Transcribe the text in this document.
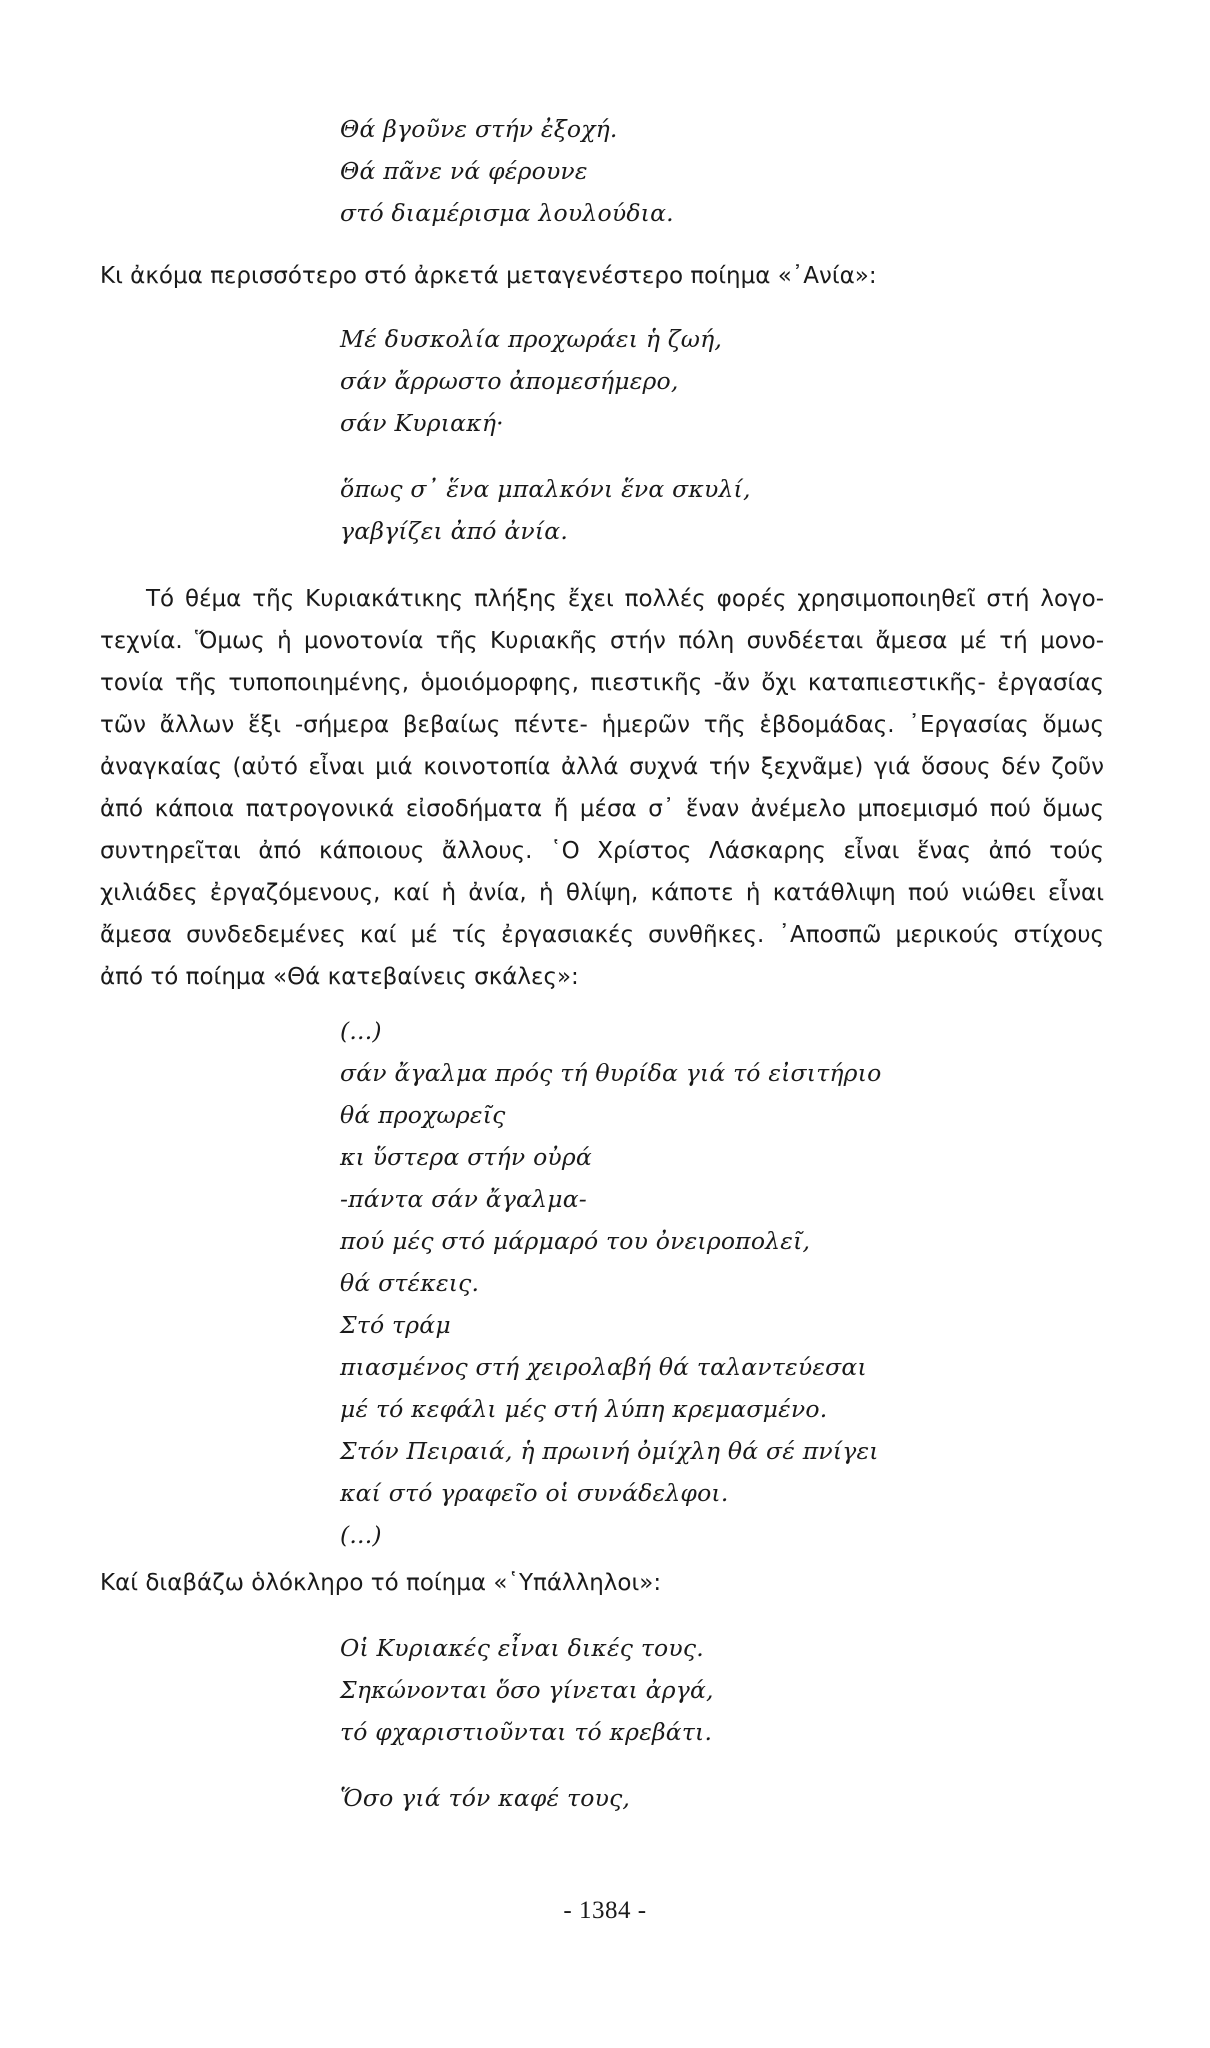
Θά βγοῦνε στήν ἐξοχή.
Θά πᾶνε νά φέρουνε
στό διαμέρισμα λουλούδια.
Κι ἀκόμα περισσότερο στό ἀρκετά μεταγενέστερο ποίημα «᾿Ανία»:
Μέ δυσκολία προχωράει ἡ ζωή,
σάν ἄρρωστο ἀπομεσήμερο,
σάν Κυριακή·
ὅπως σ᾿ ἕνα μπαλκόνι ἕνα σκυλί,
γαβγίζει ἀπό ἀνία.
Τό θέμα τῆς Κυριακάτικης πλήξης ἔχει πολλές φορές χρησιμοποιηθεῖ στή λογο-
τεχνία. Ὅμως ἡ μονοτονία τῆς Κυριακῆς στήν πόλη συνδέεται ἄμεσα μέ τή μονο-
τονία τῆς τυποποιημένης, ὁμοιόμορφης, πιεστικῆς -ἄν ὄχι καταπιεστικῆς- ἐργασίας
τῶν ἄλλων ἕξι -σήμερα βεβαίως πέντε- ἡμερῶν τῆς ἑβδομάδας. ᾿Εργασίας ὅμως
ἀναγκαίας (αὐτό εἶναι μιά κοινοτοπία ἀλλά συχνά τήν ξεχνᾶμε) γιά ὅσους δέν ζοῦν
ἀπό κάποια πατρογονικά εἰσοδήματα ἤ μέσα σ᾿ ἕναν ἀνέμελο μποεμισμό πού ὅμως
συντηρεῖται ἀπό κάποιους ἄλλους. ῾Ο Χρίστος Λάσκαρης εἶναι ἕνας ἀπό τούς
χιλιάδες ἐργαζόμενους, καί ἡ ἀνία, ἡ θλίψη, κάποτε ἡ κατάθλιψη πού νιώθει εἶναι
ἄμεσα συνδεδεμένες καί μέ τίς ἐργασιακές συνθῆκες. ᾿Αποσπῶ μερικούς στίχους
ἀπό τό ποίημα «Θά κατεβαίνεις σκάλες»:
(...)
σάν ἄγαλμα πρός τή θυρίδα γιά τό εἰσιτήριο
θά προχωρεῖς
κι ὕστερα στήν οὐρά
-πάντα σάν ἄγαλμα-
πού μές στό μάρμαρό του ὀνειροπολεῖ,
θά στέκεις.
Στό τράμ
πιασμένος στή χειρολαβή θά ταλαντεύεσαι
μέ τό κεφάλι μές στή λύπη κρεμασμένο.
Στόν Πειραιά, ἡ πρωινή ὀμίχλη θά σέ πνίγει
καί στό γραφεῖο οἱ συνάδελφοι.
(...)
Καί διαβάζω ὁλόκληρο τό ποίημα «῾Υπάλληλοι»:
Οἱ Κυριακές εἶναι δικές τους.
Σηκώνονται ὅσο γίνεται ἀργά,
τό φχαριστιοῦνται τό κρεβάτι.
Ὅσο γιά τόν καφέ τους,
- 1384 -
